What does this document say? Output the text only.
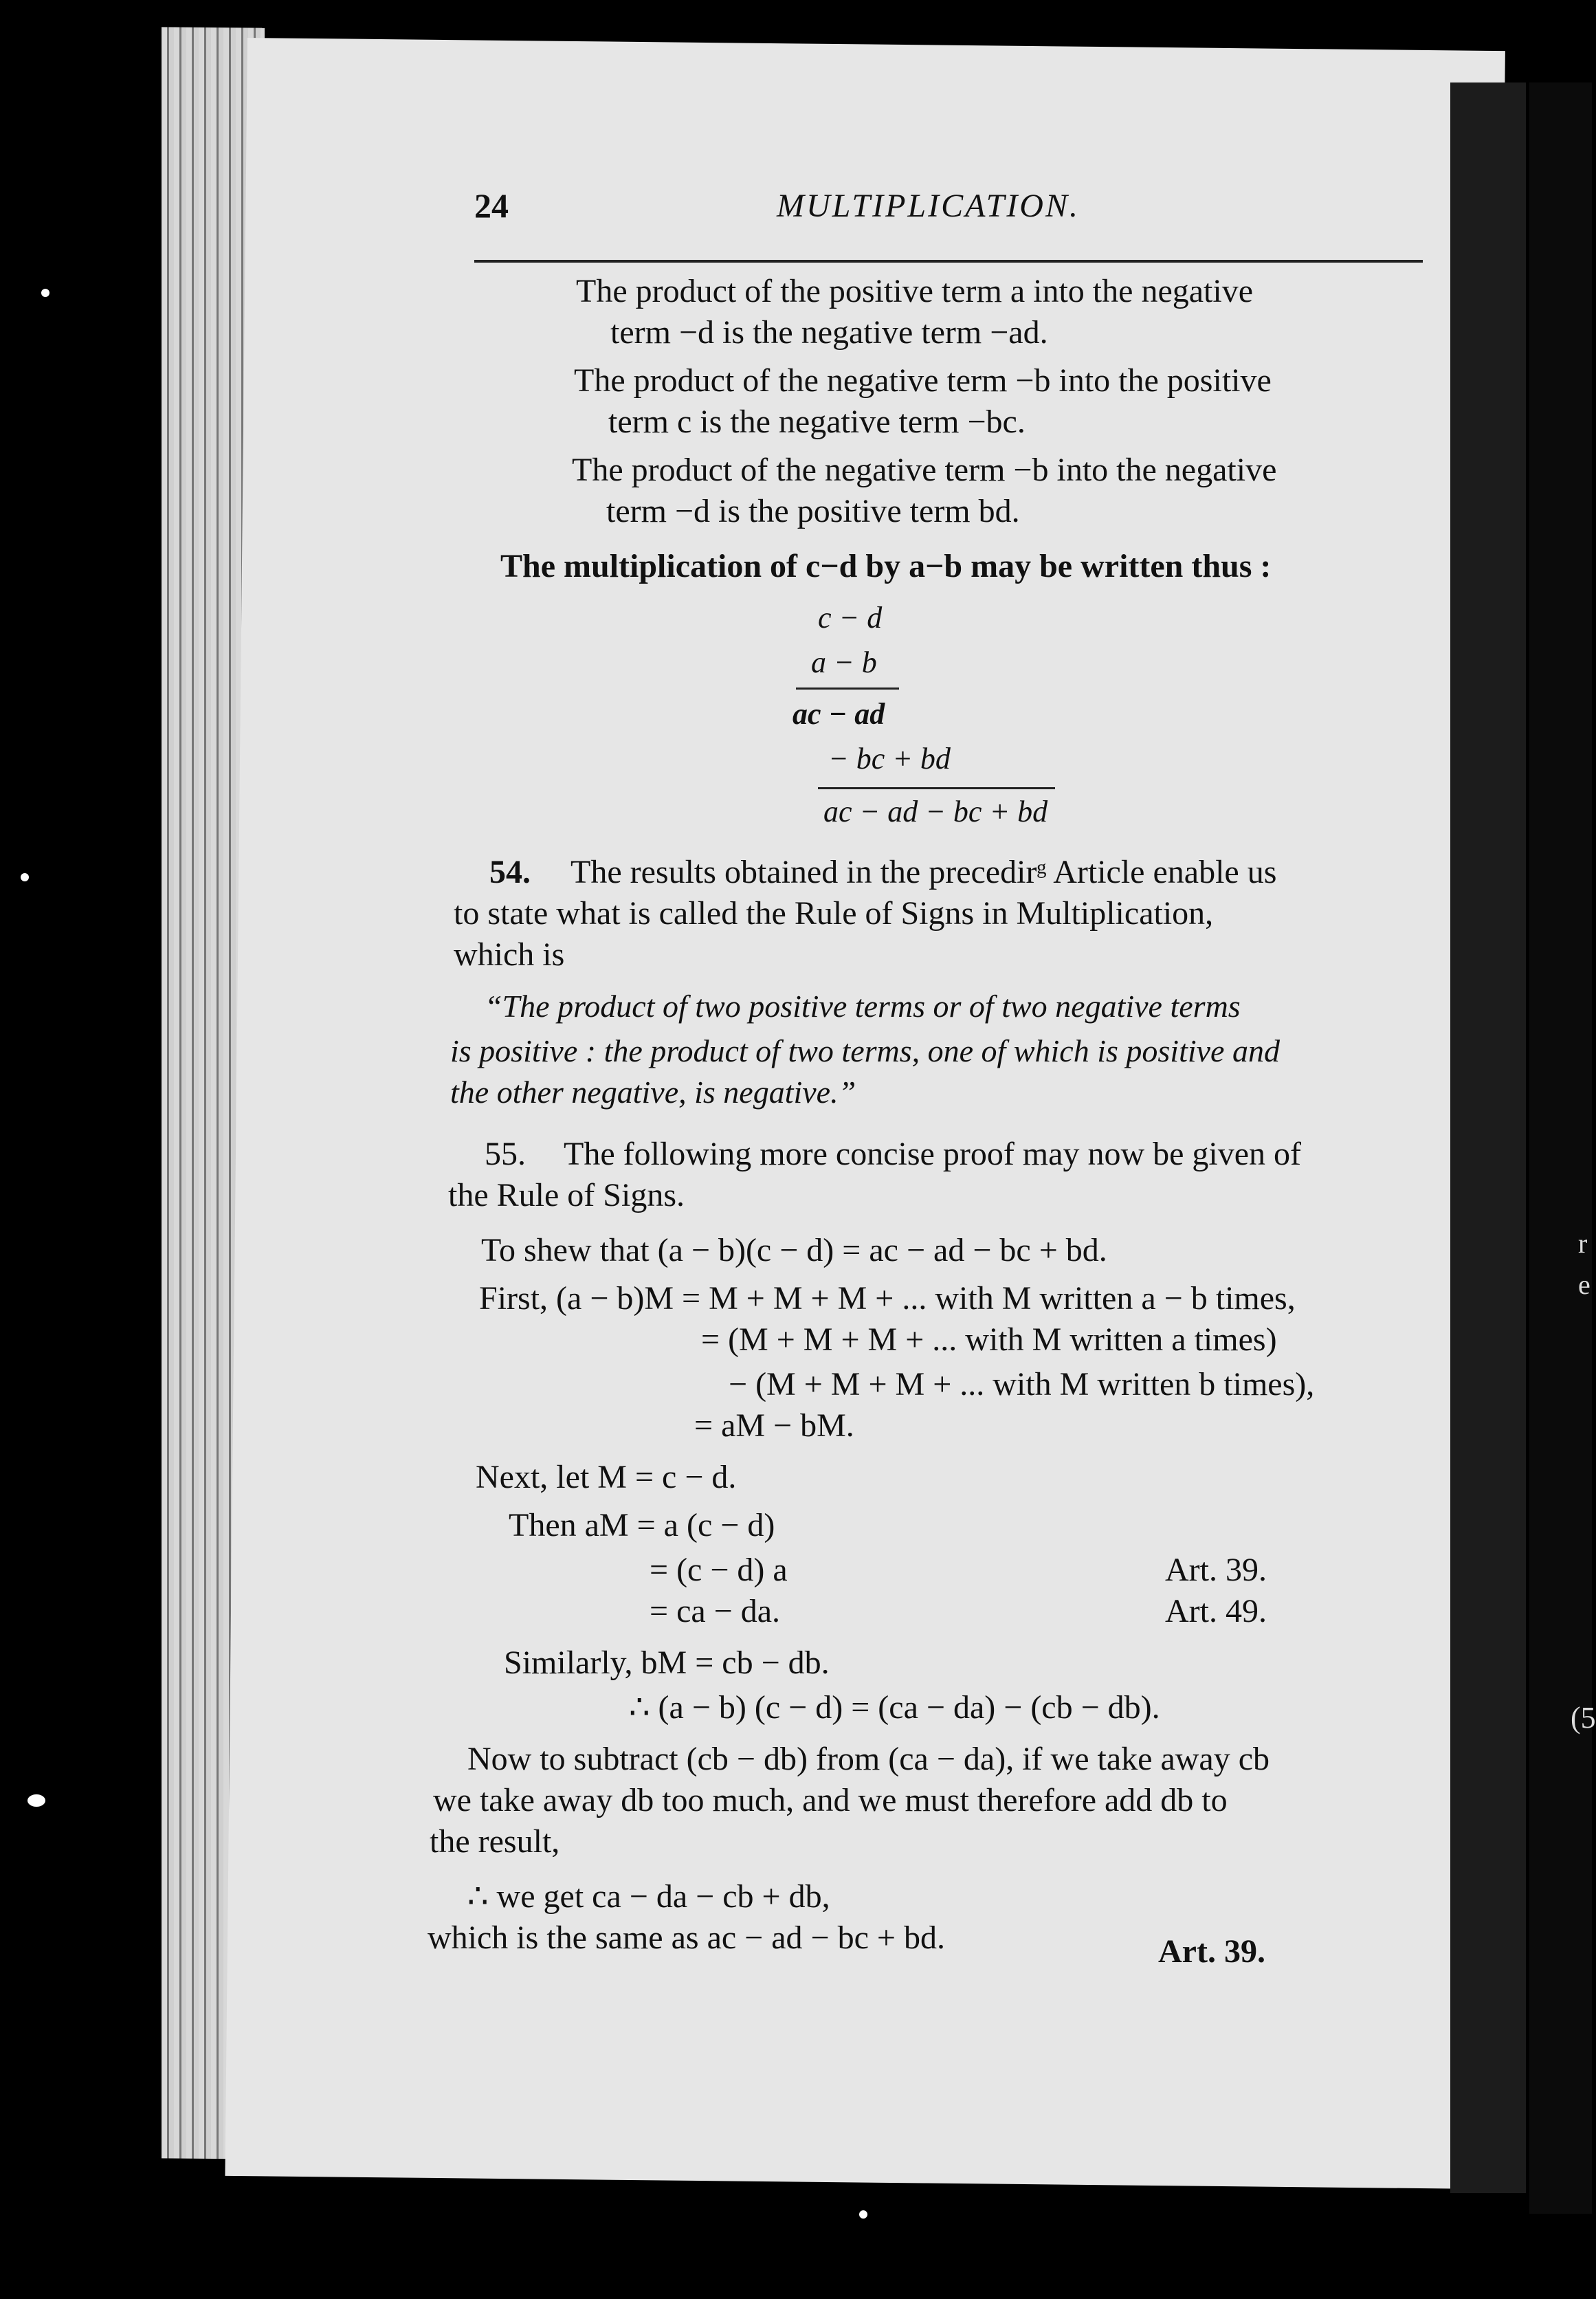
r
e
(5
24	MULTIPLICATION.
The product of the positive term a into the negative
term −d is the negative term −ad.
The product of the negative term −b into the positive
term c is the negative term −bc.
The product of the negative term −b into the negative
term −d is the positive term bd.
The multiplication of c−d by a−b may be written thus :
c − d
a − b
ac − ad
− bc + bd
ac − ad − bc + bd
54. The results obtained in the precedirᵍ Article enable us
to state what is called the Rule of Signs in Multiplication,
which is
“The product of two positive terms or of two negative terms
is positive : the product of two terms, one of which is positive and
the other negative, is negative.”
55. The following more concise proof may now be given of
the Rule of Signs.
To shew that (a − b)(c − d) = ac − ad − bc + bd.
First, (a − b)M = M + M + M + ... with M written a − b times,
= (M + M + M + ... with M written a times)
− (M + M + M + ... with M written b times),
= aM − bM.
Next, let M = c − d.
Then aM = a (c − d)
= (c − d) a
= ca − da.
Art. 39.
Art. 49.
Similarly, bM = cb − db.
∴ (a − b) (c − d) = (ca − da) − (cb − db).
Now to subtract (cb − db) from (ca − da), if we take away cb
we take away db too much, and we must therefore add db to
the result,
∴ we get ca − da − cb + db,
which is the same as ac − ad − bc + bd.	Art. 39.
